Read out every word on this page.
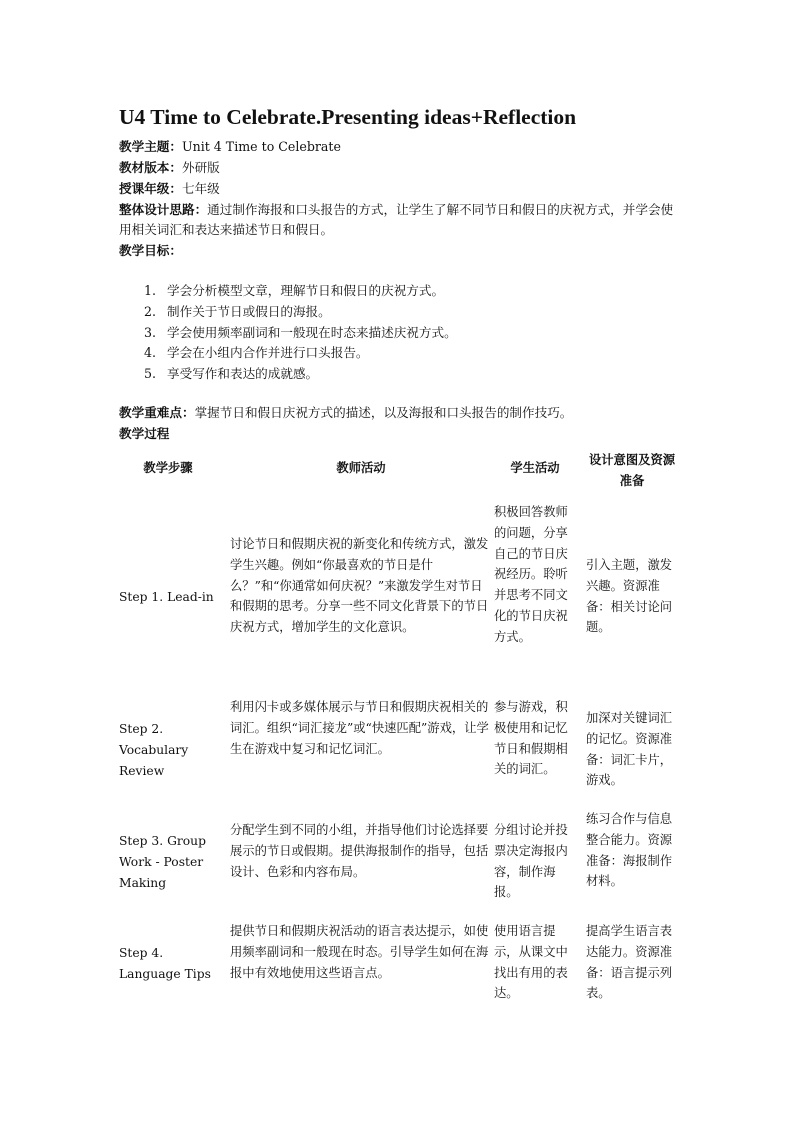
U4 Time to Celebrate.Presenting ideas+Reflection
教学主题：Unit 4 Time to Celebrate
教材版本：外研版
授课年级：七年级
整体设计思路：通过制作海报和口头报告的方式，让学生了解不同节日和假日的庆祝方式，并学会使用相关词汇和表达来描述节日和假日。
教学目标：
1. 学会分析模型文章，理解节日和假日的庆祝方式。
2. 制作关于节日或假日的海报。
3. 学会使用频率副词和一般现在时态来描述庆祝方式。
4. 学会在小组内合作并进行口头报告。
5. 享受写作和表达的成就感。
教学重难点：掌握节日和假日庆祝方式的描述，以及海报和口头报告的制作技巧。
教学过程
教学步骤	教师活动	学生活动
设计意图及资源准备
Step 1. Lead-in
讨论节日和假期庆祝的新变化和传统方式，激发学生兴趣。例如“你最喜欢的节日是什么？”和“你通常如何庆祝？”来激发学生对节日和假期的思考。分享一些不同文化背景下的节日庆祝方式，增加学生的文化意识。
积极回答教师的问题，分享自己的节日庆祝经历。聆听并思考不同文化的节日庆祝方式。
引入主题，激发兴趣。资源准备：相关讨论问题。
Step 2. Vocabulary Review
利用闪卡或多媒体展示与节日和假期庆祝相关的词汇。组织“词汇接龙”或“快速匹配”游戏，让学生在游戏中复习和记忆词汇。
参与游戏，积极使用和记忆节日和假期相关的词汇。
加深对关键词汇的记忆。资源准备：词汇卡片，游戏。
Step 3. Group Work - Poster Making
分配学生到不同的小组，并指导他们讨论选择要展示的节日或假期。提供海报制作的指导，包括设计、色彩和内容布局。
分组讨论并投票决定海报内容，制作海报。
练习合作与信息整合能力。资源准备：海报制作材料。
Step 4. Language Tips
提供节日和假期庆祝活动的语言表达提示，如使用频率副词和一般现在时态。引导学生如何在海报中有效地使用这些语言点。
使用语言提示，从课文中找出有用的表达。
提高学生语言表达能力。资源准备：语言提示列表。
